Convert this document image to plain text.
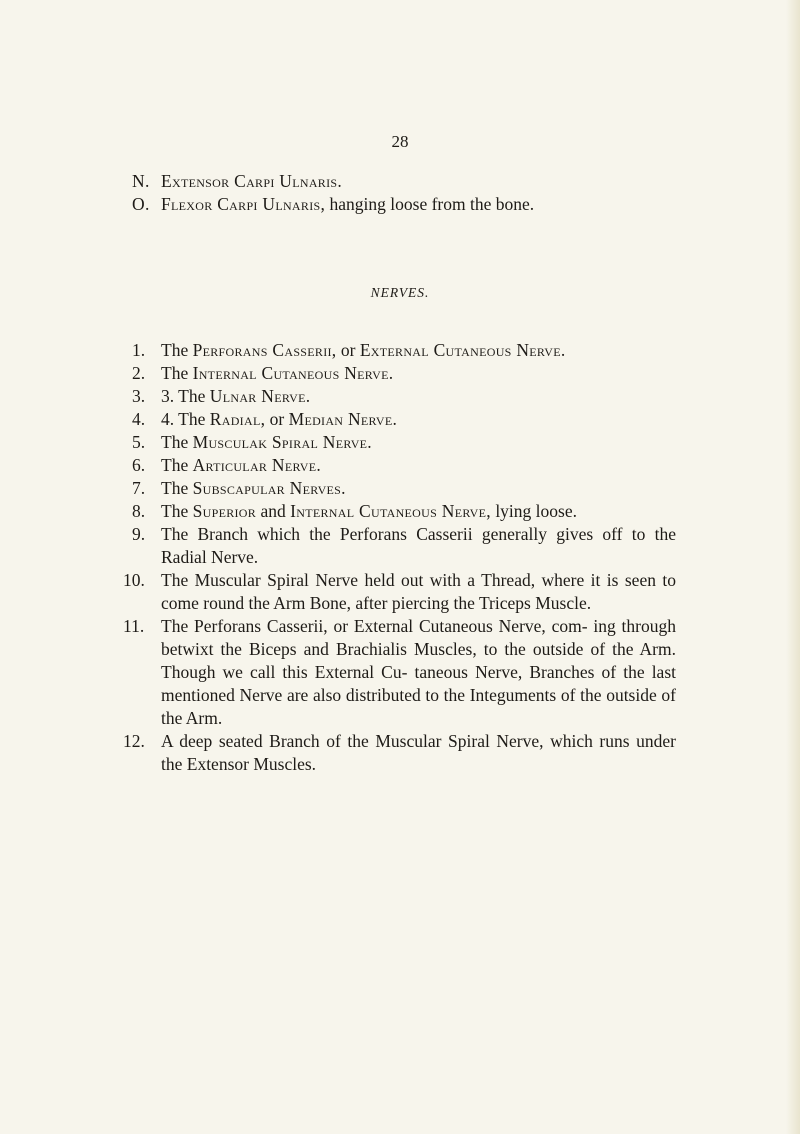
28
N. Extensor Carpi Ulnaris.
O. Flexor Carpi Ulnaris, hanging loose from the bone.
NERVES.
1. The Perforans Casserii, or External Cutaneous Nerve.
2. The Internal Cutaneous Nerve.
3. 3. The Ulnar Nerve.
4. 4. The Radial, or Median Nerve.
5. The Musculak Spiral Nerve.
6. The Articular Nerve.
7. The Subscapular Nerves.
8. The Superior and Internal Cutaneous Nerve, lying loose.
9. The Branch which the Perforans Casserii generally gives off to the Radial Nerve.
10. The Muscular Spiral Nerve held out with a Thread, where it is seen to come round the Arm Bone, after piercing the Triceps Muscle.
11. The Perforans Casserii, or External Cutaneous Nerve, com- ing through betwixt the Biceps and Brachialis Muscles, to the outside of the Arm. Though we call this External Cu- taneous Nerve, Branches of the last mentioned Nerve are also distributed to the Integuments of the outside of the Arm.
12. A deep seated Branch of the Muscular Spiral Nerve, which runs under the Extensor Muscles.
